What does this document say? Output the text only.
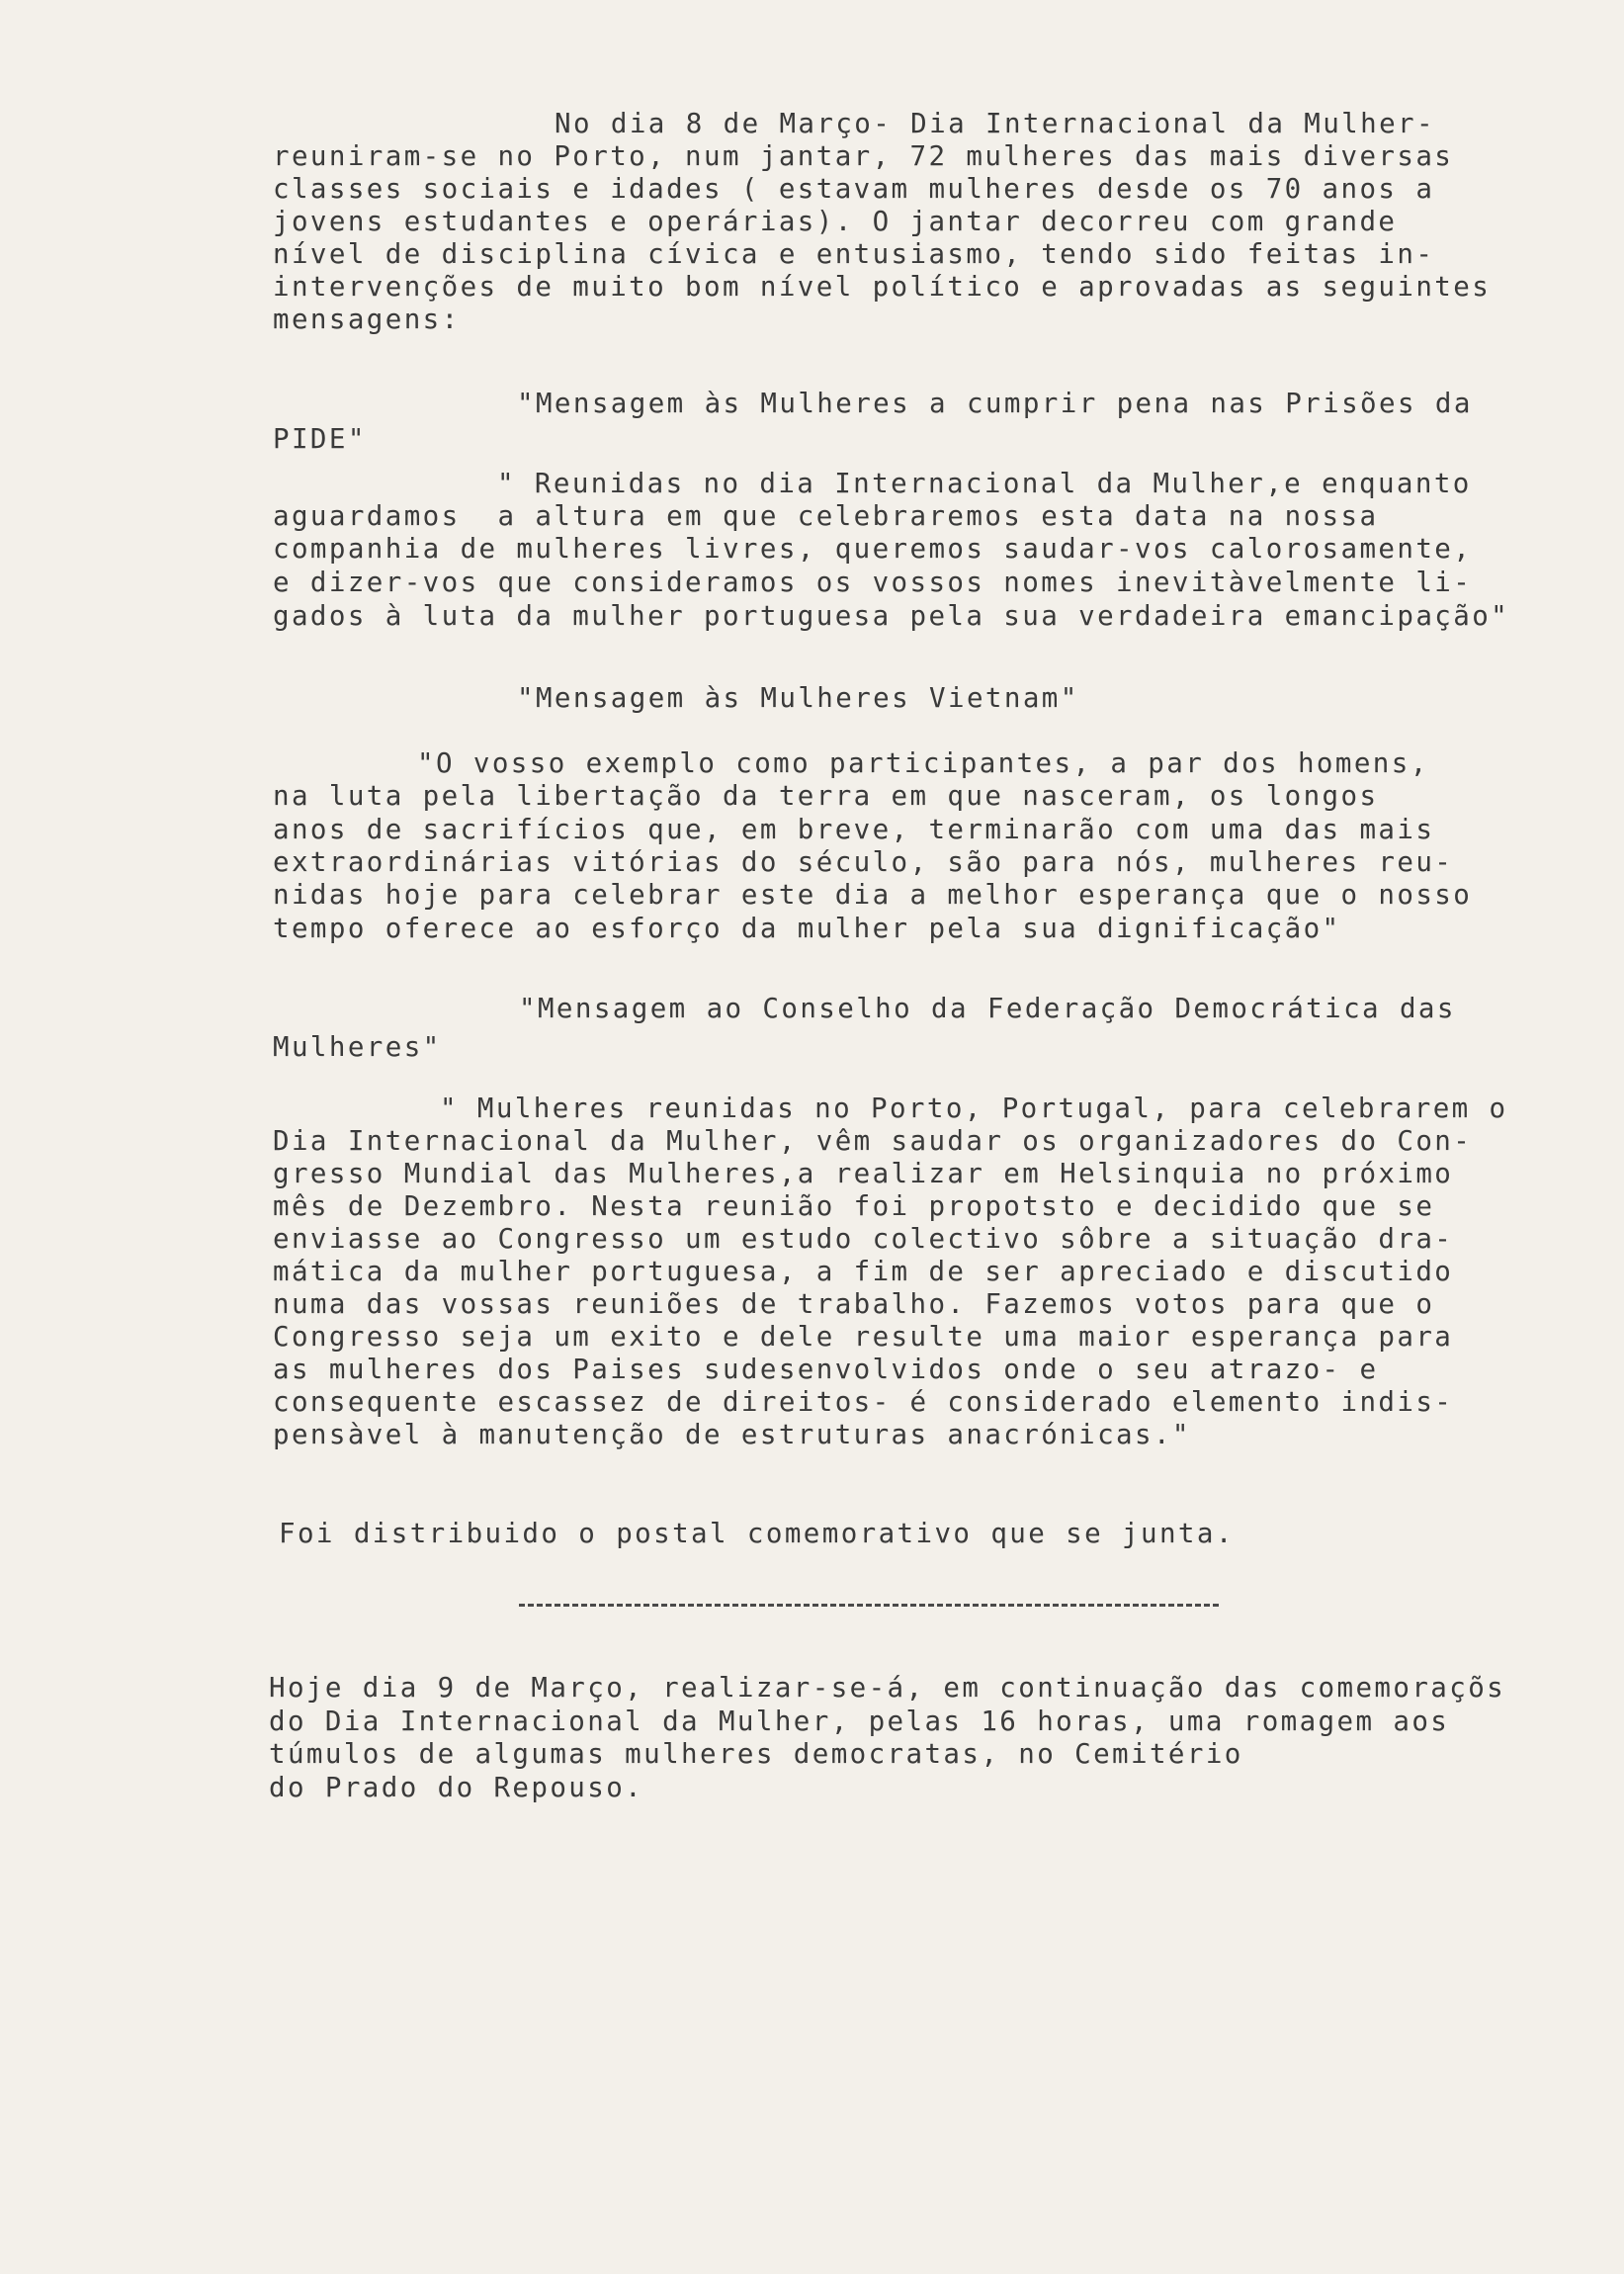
No dia 8 de Março- Dia Internacional da Mulher-
reuniram-se no Porto, num jantar, 72 mulheres das mais diversas
classes sociais e idades ( estavam mulheres desde os 70 anos a
jovens estudantes e operárias). O jantar decorreu com grande
nível de disciplina cívica e entusiasmo, tendo sido feitas in-
intervenções de muito bom nível político e aprovadas as seguintes
mensagens:
"Mensagem às Mulheres a cumprir pena nas Prisões da
PIDE"
" Reunidas no dia Internacional da Mulher,e enquanto
aguardamos  a altura em que celebraremos esta data na nossa
companhia de mulheres livres, queremos saudar-vos calorosamente,
e dizer-vos que consideramos os vossos nomes inevitàvelmente li-
gados à luta da mulher portuguesa pela sua verdadeira emancipação"
"Mensagem às Mulheres Vietnam"
"O vosso exemplo como participantes, a par dos homens,
na luta pela libertação da terra em que nasceram, os longos
anos de sacrifícios que, em breve, terminarão com uma das mais
extraordinárias vitórias do século, são para nós, mulheres reu-
nidas hoje para celebrar este dia a melhor esperança que o nosso
tempo oferece ao esforço da mulher pela sua dignificação"
"Mensagem ao Conselho da Federação Democrática das
Mulheres"
" Mulheres reunidas no Porto, Portugal, para celebrarem o
Dia Internacional da Mulher, vêm saudar os organizadores do Con-
gresso Mundial das Mulheres,a realizar em Helsinquia no próximo
mês de Dezembro. Nesta reunião foi propotsto e decidido que se
enviasse ao Congresso um estudo colectivo sôbre a situação dra-
mática da mulher portuguesa, a fim de ser apreciado e discutido
numa das vossas reuniões de trabalho. Fazemos votos para que o
Congresso seja um exito e dele resulte uma maior esperança para
as mulheres dos Paises sudesenvolvidos onde o seu atrazo- e
consequente escassez de direitos- é considerado elemento indis-
pensàvel à manutenção de estruturas anacrónicas."
Foi distribuido o postal comemorativo que se junta.
Hoje dia 9 de Março, realizar-se-á, em continuação das comemoraçõs
do Dia Internacional da Mulher, pelas 16 horas, uma romagem aos
túmulos de algumas mulheres democratas, no Cemitério
do Prado do Repouso.
